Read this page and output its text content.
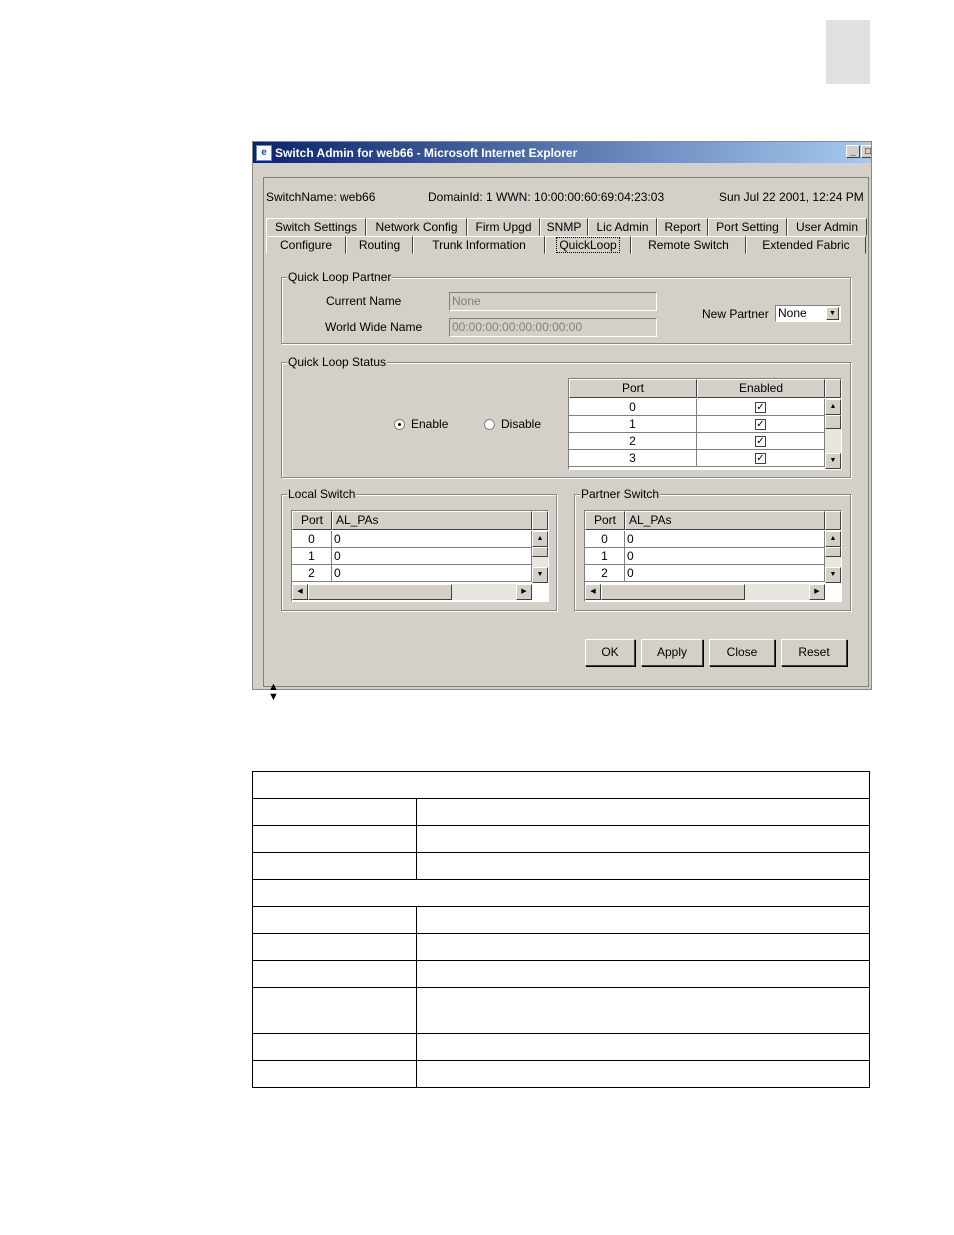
e Switch Admin for web66 - Microsoft Internet Explorer	_ □
SwitchName: web66	DomainId: 1 WWN: 10:00:00:60:69:04:23:03	Sun Jul 22 2001, 12:24 PM
Switch Settings	Network Config	Firm Upgd	SNMP	Lic Admin	Report	Port Setting	User Admin
Configure	Routing	Trunk Information	QuickLoop	Remote Switch	Extended Fabric
Quick Loop Partner
Current Name	None
World Wide Name 00:00:00:00:00:00:00:00
New Partner None	▼
Quick Loop Status
Enable	Disable
Port	Enabled
0	✓
1	✓
2	✓
3	✓
▲
▼
Local Switch
Port	AL_PAs
0	0
1	0
2	0
▲
▼
◀	▶
Partner Switch
Port	AL_PAs
0	0
1	0
2	0
▲
▼
◀	▶
OK	Apply	Close	Reset
▲
▼
